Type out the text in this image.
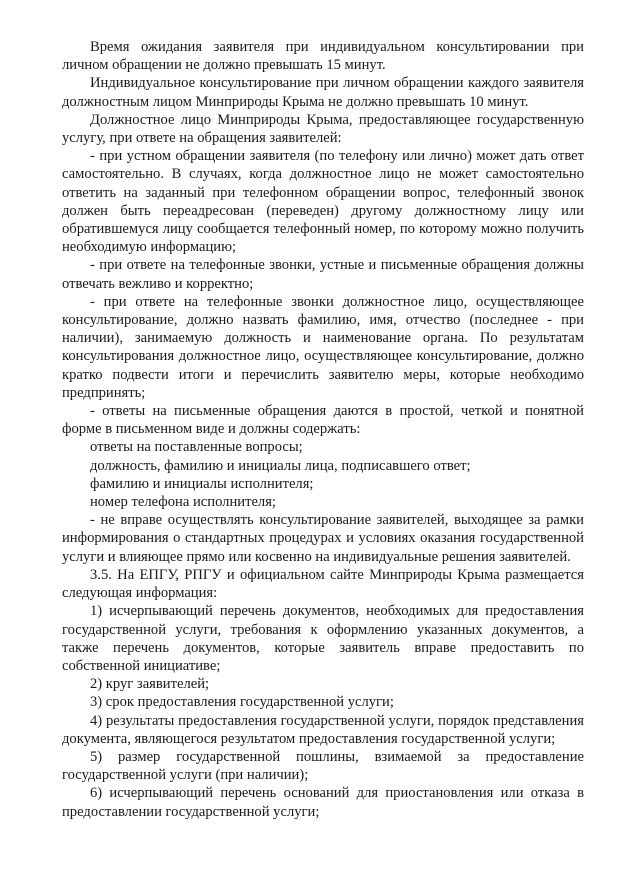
Время ожидания заявителя при индивидуальном консультировании при личном обращении не должно превышать 15 минут.

Индивидуальное консультирование при личном обращении каждого заявителя должностным лицом Минприроды Крыма не должно превышать 10 минут.

Должностное лицо Минприроды Крыма, предоставляющее государственную услугу, при ответе на обращения заявителей:

- при устном обращении заявителя (по телефону или лично) может дать ответ самостоятельно. В случаях, когда должностное лицо не может самостоятельно ответить на заданный при телефонном обращении вопрос, телефонный звонок должен быть переадресован (переведен) другому должностному лицу или обратившемуся лицу сообщается телефонный номер, по которому можно получить необходимую информацию;

- при ответе на телефонные звонки, устные и письменные обращения должны отвечать вежливо и корректно;

- при ответе на телефонные звонки должностное лицо, осуществляющее консультирование, должно назвать фамилию, имя, отчество (последнее - при наличии), занимаемую должность и наименование органа. По результатам консультирования должностное лицо, осуществляющее консультирование, должно кратко подвести итоги и перечислить заявителю меры, которые необходимо предпринять;

- ответы на письменные обращения даются в простой, четкой и понятной форме в письменном виде и должны содержать:

ответы на поставленные вопросы;

должность, фамилию и инициалы лица, подписавшего ответ;

фамилию и инициалы исполнителя;

номер телефона исполнителя;

- не вправе осуществлять консультирование заявителей, выходящее за рамки информирования о стандартных процедурах и условиях оказания государственной услуги и влияющее прямо или косвенно на индивидуальные решения заявителей.

3.5. На ЕПГУ, РПГУ и официальном сайте Минприроды Крыма размещается следующая информация:

1) исчерпывающий перечень документов, необходимых для предоставления государственной услуги, требования к оформлению указанных документов, а также перечень документов, которые заявитель вправе предоставить по собственной инициативе;

2) круг заявителей;

3) срок предоставления государственной услуги;

4) результаты предоставления государственной услуги, порядок представления документа, являющегося результатом предоставления государственной услуги;

5) размер государственной пошлины, взимаемой за предоставление государственной услуги (при наличии);

6) исчерпывающий перечень оснований для приостановления или отказа в предоставлении государственной услуги;
